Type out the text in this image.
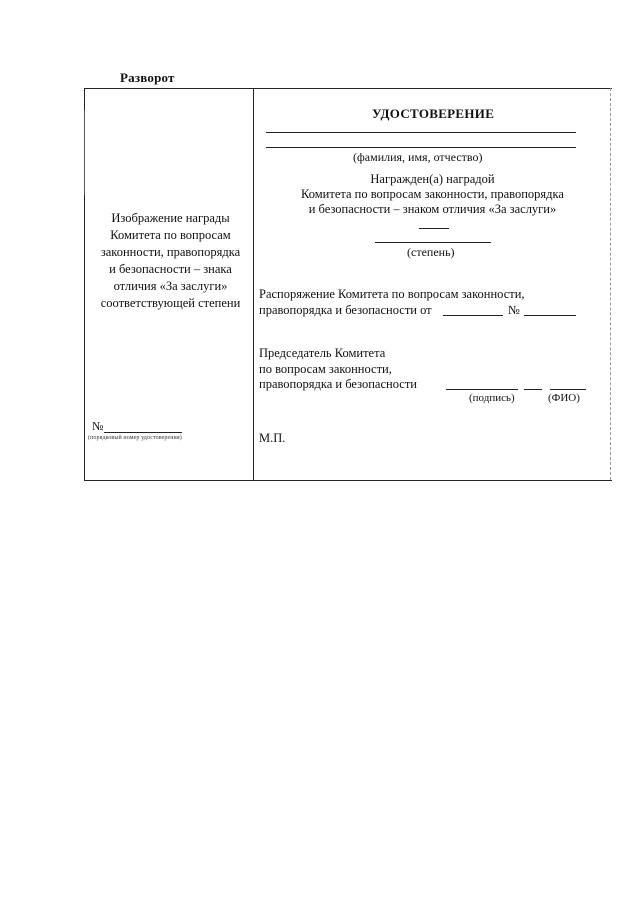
Разворот
Изображение награды
Комитета по вопросам
законности, правопорядка
и безопасности – знака
отличия «За заслуги»
соответствующей степени
№
(порядковый номер удостоверения)
УДОСТОВЕРЕНИЕ
(фамилия, имя, отчество)
Награжден(а) наградой
Комитета по вопросам законности, правопорядка
и безопасности – знаком отличия «За заслуги»
(степень)
Распоряжение Комитета по вопросам законности,
правопорядка и безопасности от	№
Председатель Комитета
по вопросам законности,
правопорядка и безопасности
(подпись)	(ФИО)
М.П.
